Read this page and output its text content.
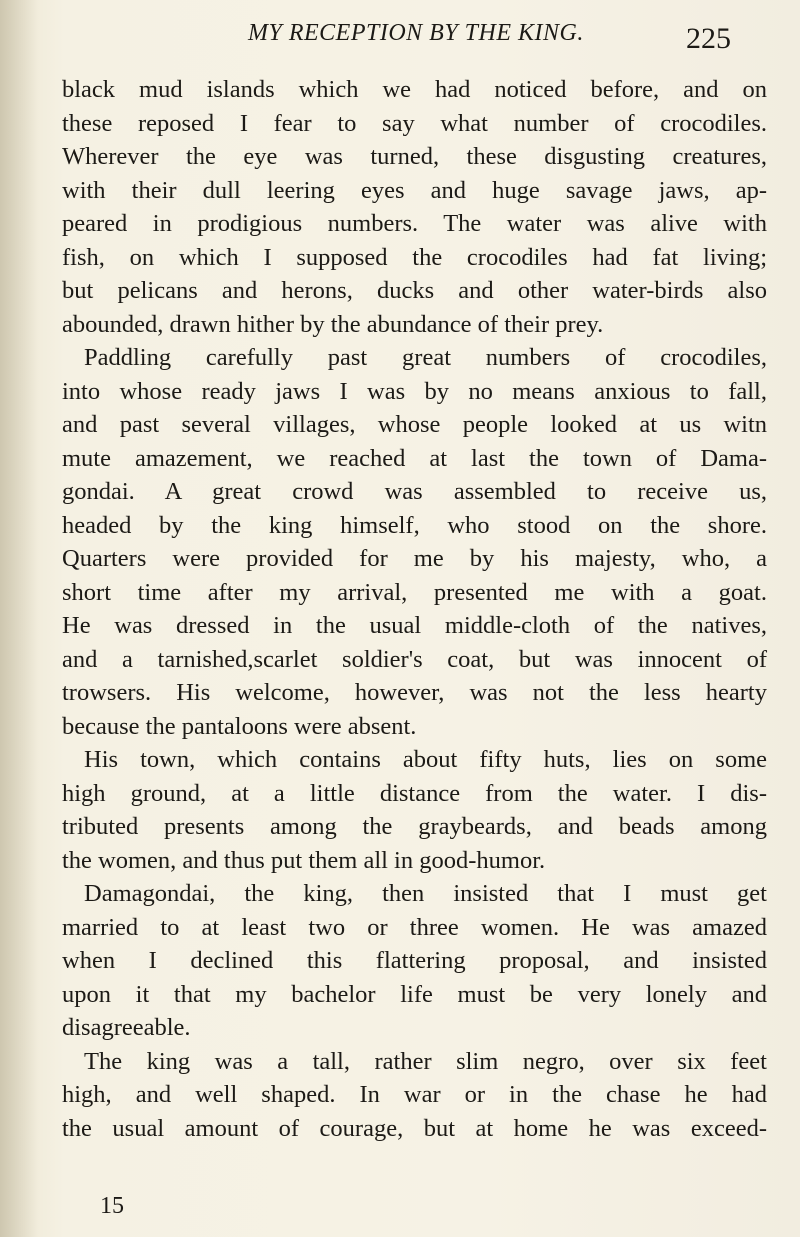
MY RECEPTION BY THE KING.	225
black mud islands which we had noticed before, and on
these reposed I fear to say what number of crocodiles.
Wherever the eye was turned, these disgusting creatures,
with their dull leering eyes and huge savage jaws, ap-
peared in prodigious numbers. The water was alive with
fish, on which I supposed the crocodiles had fat living;
but pelicans and herons, ducks and other water-birds also
abounded, drawn hither by the abundance of their prey.
Paddling carefully past great numbers of crocodiles,
into whose ready jaws I was by no means anxious to fall,
and past several villages, whose people looked at us witn
mute amazement, we reached at last the town of Dama-
gondai. A great crowd was assembled to receive us,
headed by the king himself, who stood on the shore.
Quarters were provided for me by his majesty, who, a
short time after my arrival, presented me with a goat.
He was dressed in the usual middle-cloth of the natives,
and a tarnished,scarlet soldier's coat, but was innocent of
trowsers. His welcome, however, was not the less hearty
because the pantaloons were absent.
His town, which contains about fifty huts, lies on some
high ground, at a little distance from the water. I dis-
tributed presents among the graybeards, and beads among
the women, and thus put them all in good-humor.
Damagondai, the king, then insisted that I must get
married to at least two or three women. He was amazed
when I declined this flattering proposal, and insisted
upon it that my bachelor life must be very lonely and
disagreeable.
The king was a tall, rather slim negro, over six feet
high, and well shaped. In war or in the chase he had
the usual amount of courage, but at home he was exceed-
15
